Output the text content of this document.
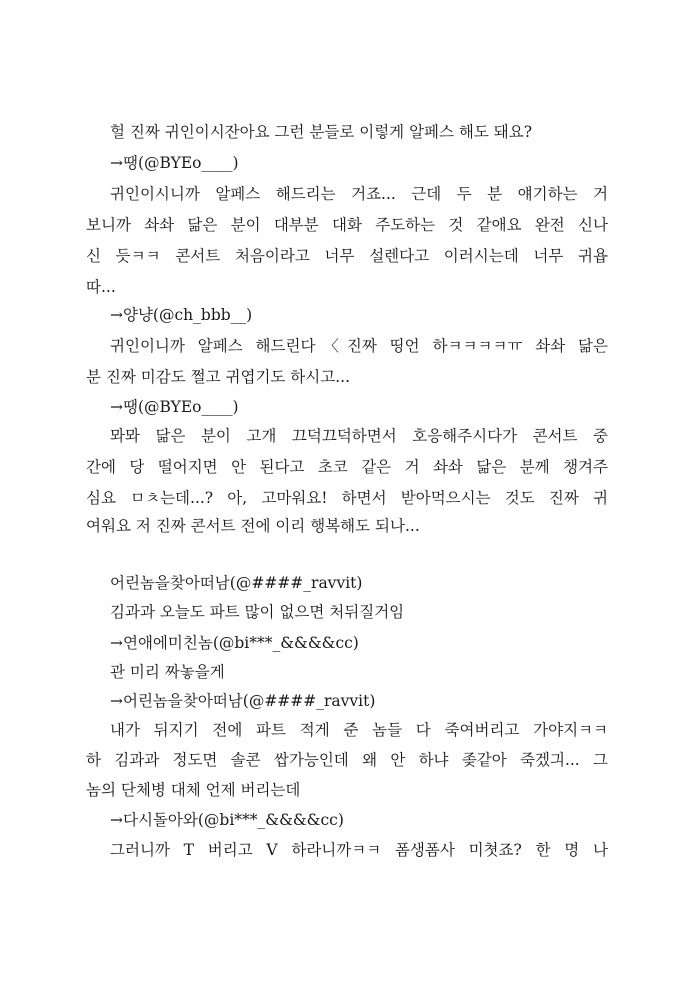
헐 진짜 귀인이시잔아요 그런 분들로 이렇게 알페스 해도 돼요?
→땡(@BYEo____)
귀인이시니까 알페스 해드리는 거죠... 근데 두 분 얘기하는 거
보니까 솨솨 닮은 분이 대부분 대화 주도하는 것 같애요 완전 신나
신 듯ㅋㅋ 콘서트 처음이라고 너무 설렌다고 이러시는데 너무 귀욥
따...
→양냥(@ch_bbb__)
귀인이니까 알페스 해드린다〈진짜 띵언 하ㅋㅋㅋㅋㅠ 솨솨 닮은
분 진짜 미감도 쩔고 귀엽기도 하시고...
→땡(@BYEo____)
뫄뫄 닮은 분이 고개 끄덕끄덕하면서 호응해주시다가 콘서트 중
간에 당 떨어지면 안 된다고 초코 같은 거 솨솨 닮은 분께 챙겨주
심요 ㅁㅊ는데...? 아, 고마워요! 하면서 받아먹으시는 것도 진짜 귀
여워요 저 진짜 콘서트 전에 이리 행복해도 되나...
어린놈을찾아떠남(@####_ravvit)
김과과 오늘도 파트 많이 없으면 처뒤질거임
→연애에미친놈(@bi***_&&&&cc)
관 미리 짜놓을게
→어린놈을찾아떠남(@####_ravvit)
내가 뒤지기 전에 파트 적게 준 놈들 다 죽여버리고 가야지ㅋㅋ
하 김과과 정도면 솔콘 쌉가능인데 왜 안 하냐 좆같아 죽겠긔... 그
놈의 단체병 대체 언제 버리는데
→다시돌아와(@bi***_&&&&cc)
그러니까 T 버리고 V 하라니까ㅋㅋ 폼생폼사 미쳣죠? 한 명 나
